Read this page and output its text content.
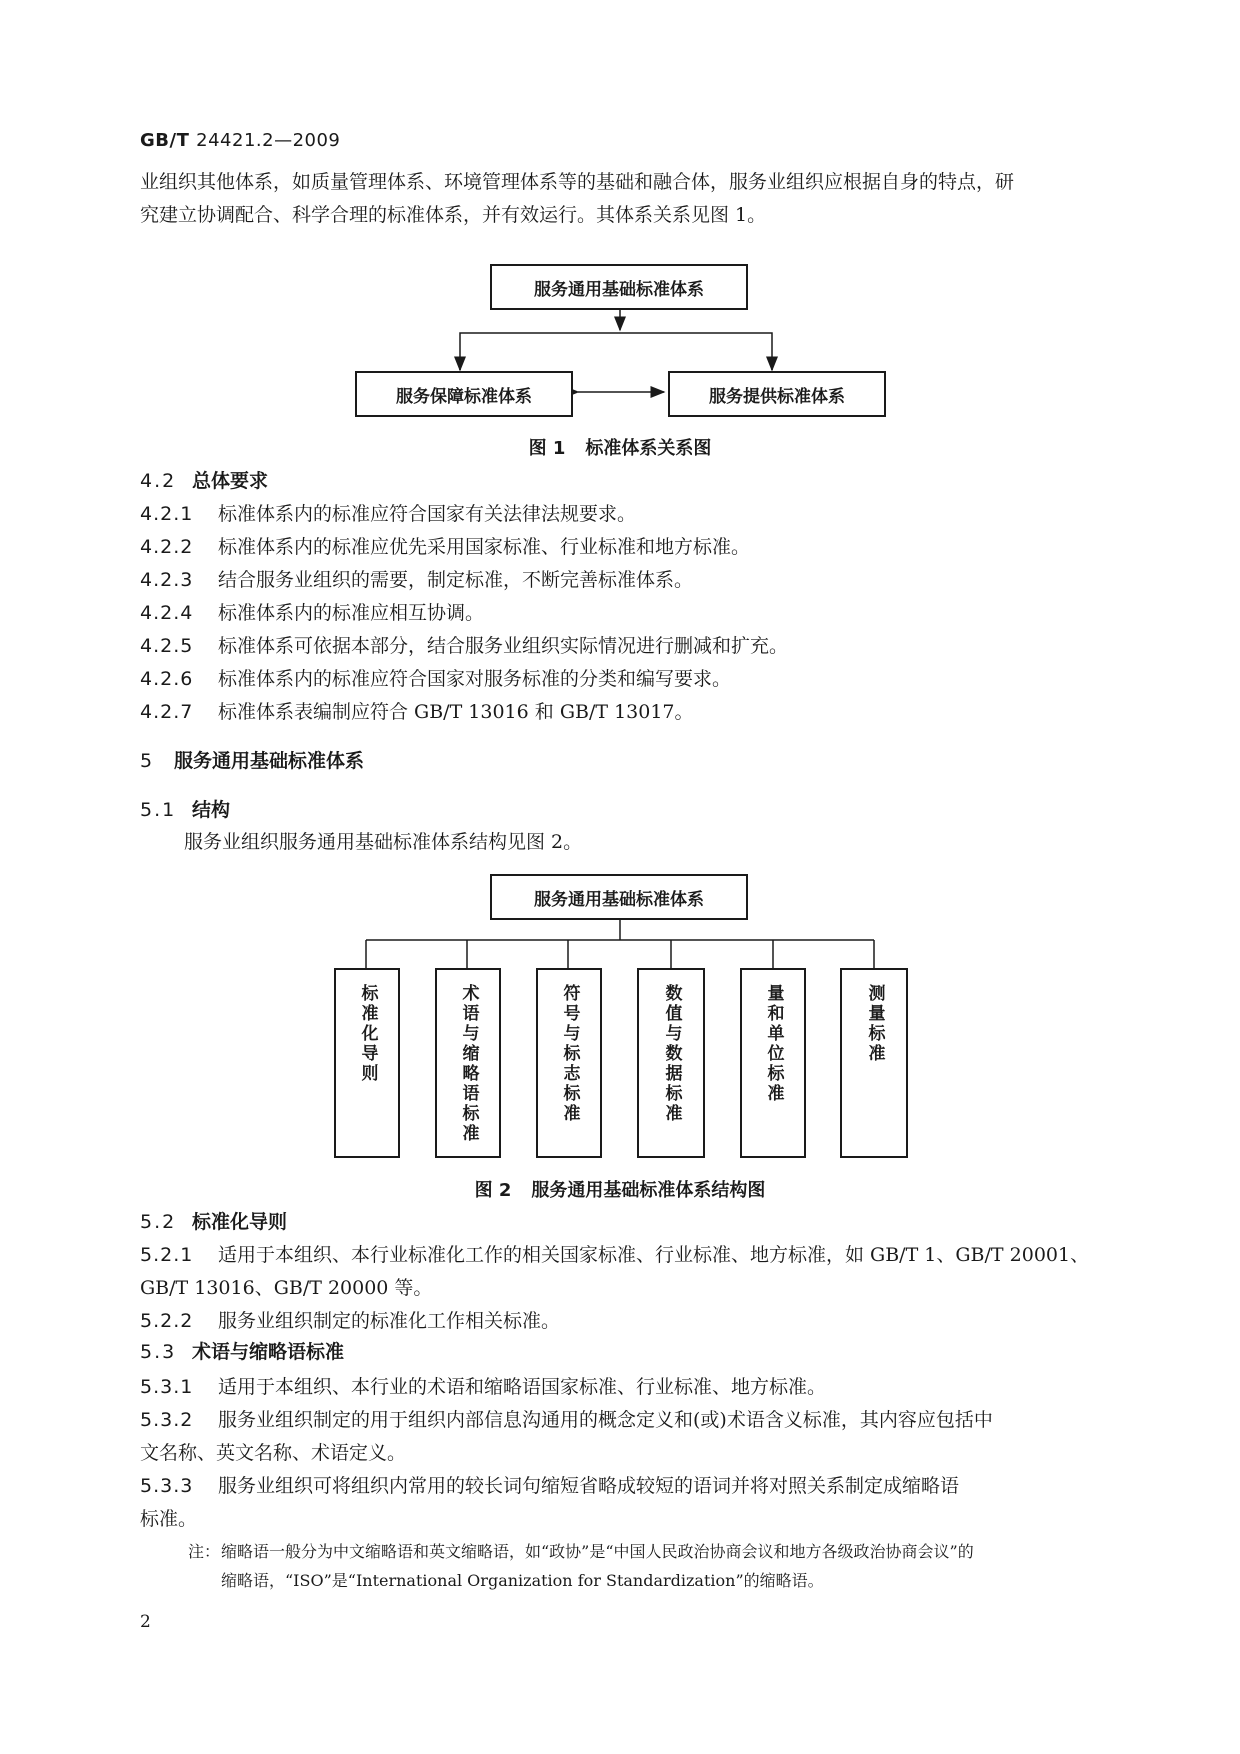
GB/T 24421.2—2009
业组织其他体系，如质量管理体系、环境管理体系等的基础和融合体，服务业组织应根据自身的特点，研
究建立协调配合、科学合理的标准体系，并有效运行。其体系关系见图 1。
服务通用基础标准体系
服务保障标准体系	服务提供标准体系
图 1 标准体系关系图
4.2 总体要求
4.2.1 标准体系内的标准应符合国家有关法律法规要求。
4.2.2 标准体系内的标准应优先采用国家标准、行业标准和地方标准。
4.2.3 结合服务业组织的需要，制定标准，不断完善标准体系。
4.2.4 标准体系内的标准应相互协调。
4.2.5 标准体系可依据本部分，结合服务业组织实际情况进行删减和扩充。
4.2.6 标准体系内的标准应符合国家对服务标准的分类和编写要求。
4.2.7 标准体系表编制应符合 GB/T 13016 和 GB/T 13017。
5 服务通用基础标准体系
5.1 结构
服务业组织服务通用基础标准体系结构见图 2。
服务通用基础标准体系
标准化导则	术语与缩略语标准	符号与标志标准	数值与数据标准	量和单位标准	测量标准
图 2 服务通用基础标准体系结构图
5.2 标准化导则
5.2.1 适用于本组织、本行业标准化工作的相关国家标准、行业标准、地方标准，如 GB/T 1、GB/T 20001、
GB/T 13016、GB/T 20000 等。
5.2.2 服务业组织制定的标准化工作相关标准。
5.3 术语与缩略语标准
5.3.1 适用于本组织、本行业的术语和缩略语国家标准、行业标准、地方标准。
5.3.2 服务业组织制定的用于组织内部信息沟通用的概念定义和(或)术语含义标准，其内容应包括中
文名称、英文名称、术语定义。
5.3.3 服务业组织可将组织内常用的较长词句缩短省略成较短的语词并将对照关系制定成缩略语
标准。
注：缩略语一般分为中文缩略语和英文缩略语，如“政协”是“中国人民政治协商会议和地方各级政治协商会议”的
缩略语，“ISO”是“International Organization for Standardization”的缩略语。
2
